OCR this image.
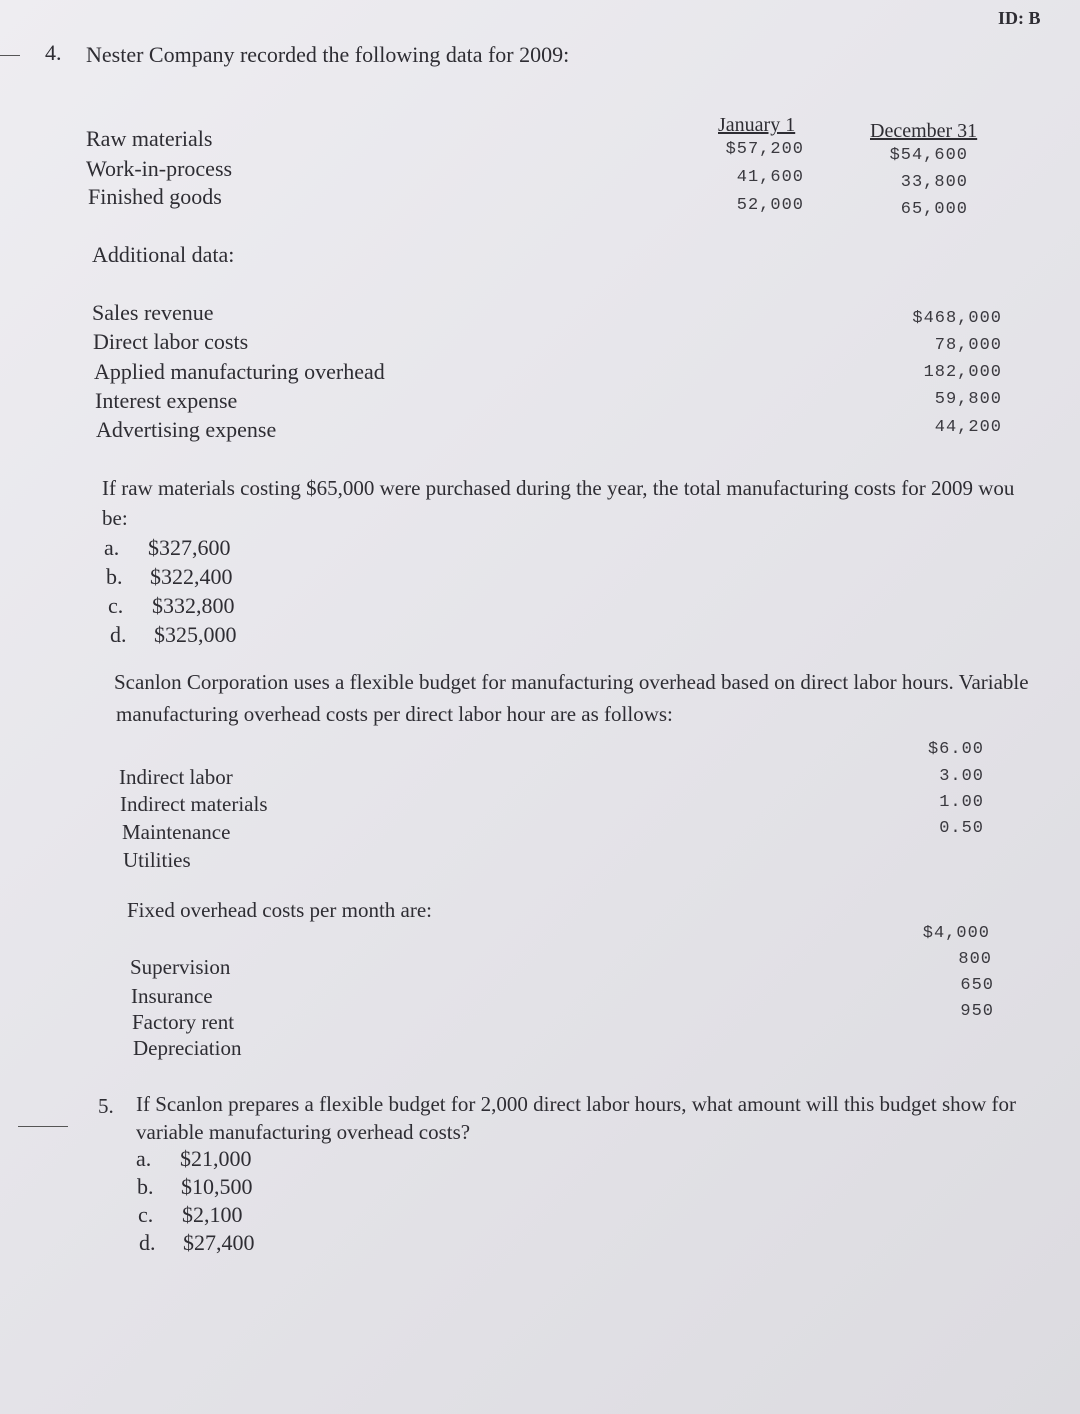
ID: B
4. Nester Company recorded the following data for 2009:
January 1	December 31
Raw materials
Work-in-process
Finished goods
$57,200
41,600
52,000
$54,600
33,800
65,000
Additional data:
Sales revenue
Direct labor costs
Applied manufacturing overhead
Interest expense
Advertising expense
$468,000
78,000
182,000
59,800
44,200
If raw materials costing $65,000 were purchased during the year, the total manufacturing costs for 2009 wou
be:
a. $327,600
b. $322,400
c. $332,800
d. $325,000
Scanlon Corporation uses a flexible budget for manufacturing overhead based on direct labor hours. Variable
manufacturing overhead costs per direct labor hour are as follows:
Indirect labor
Indirect materials
Maintenance
Utilities
$6.00
3.00
1.00
0.50
Fixed overhead costs per month are:
Supervision
Insurance
Factory rent
Depreciation
$4,000
800
650
950
5. If Scanlon prepares a flexible budget for 2,000 direct labor hours, what amount will this budget show for
variable manufacturing overhead costs?
a. $21,000
b. $10,500
c. $2,100
d. $27,400
